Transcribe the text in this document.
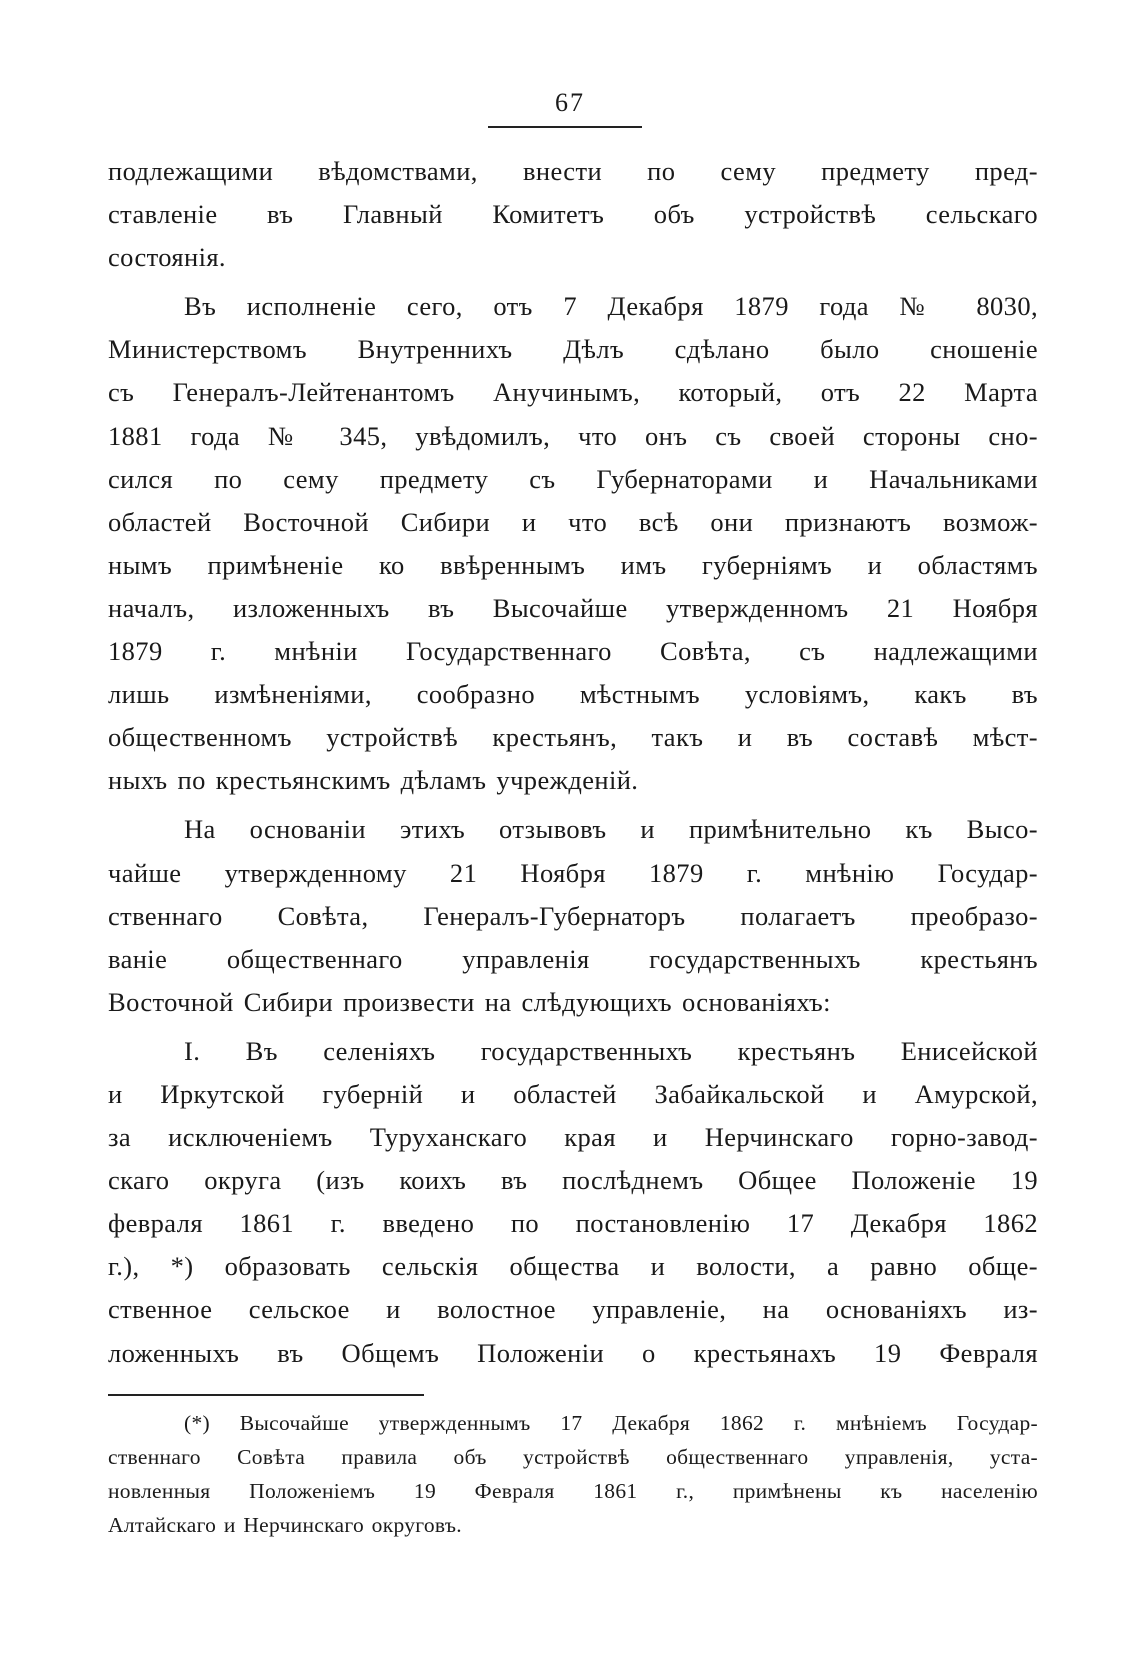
67
подлежащими вѣдомствами, внести по сему предмету пред-
ставленіе въ Главный Комитетъ объ устройствѣ сельскаго
состоянія.
Въ исполненіе сего, отъ 7 Декабря 1879 года № 8030,
Министерствомъ Внутреннихъ Дѣлъ сдѣлано было сношеніе
съ Генералъ-Лейтенантомъ Анучинымъ, который, отъ 22 Марта
1881 года № 345, увѣдомилъ, что онъ съ своей стороны сно-
сился по сему предмету съ Губернаторами и Начальниками
областей Восточной Сибири и что всѣ они признаютъ возмож-
нымъ примѣненіе ко ввѣреннымъ имъ губерніямъ и областямъ
началъ, изложенныхъ въ Высочайше утвержденномъ 21 Ноября
1879 г. мнѣніи Государственнаго Совѣта, съ надлежащими
лишь измѣненіями, сообразно мѣстнымъ условіямъ, какъ въ
общественномъ устройствѣ крестьянъ, такъ и въ составѣ мѣст-
ныхъ по крестьянскимъ дѣламъ учрежденій.
На основаніи этихъ отзывовъ и примѣнительно къ Высо-
чайше утвержденному 21 Ноября 1879 г. мнѣнію Государ-
ственнаго Совѣта, Генералъ-Губернаторъ полагаетъ преобразо-
ваніе общественнаго управленія государственныхъ крестьянъ
Восточной Сибири произвести на слѣдующихъ основаніяхъ:
I. Въ селеніяхъ государственныхъ крестьянъ Енисейской
и Иркутской губерній и областей Забайкальской и Амурской,
за исключеніемъ Туруханскаго края и Нерчинскаго горно-завод-
скаго округа (изъ коихъ въ послѣднемъ Общее Положеніе 19
февраля 1861 г. введено по постановленію 17 Декабря 1862
г.), *) образовать сельскія общества и волости, а равно обще-
ственное сельское и волостное управленіе, на основаніяхъ из-
ложенныхъ въ Общемъ Положеніи о крестьянахъ 19 Февраля
(*) Высочайше утвержденнымъ 17 Декабря 1862 г. мнѣніемъ Государ-
ственнаго Совѣта правила объ устройствѣ общественнаго управленія, уста-
новленныя Положеніемъ 19 Февраля 1861 г., примѣнены къ населенію
Алтайскаго и Нерчинскаго округовъ.
